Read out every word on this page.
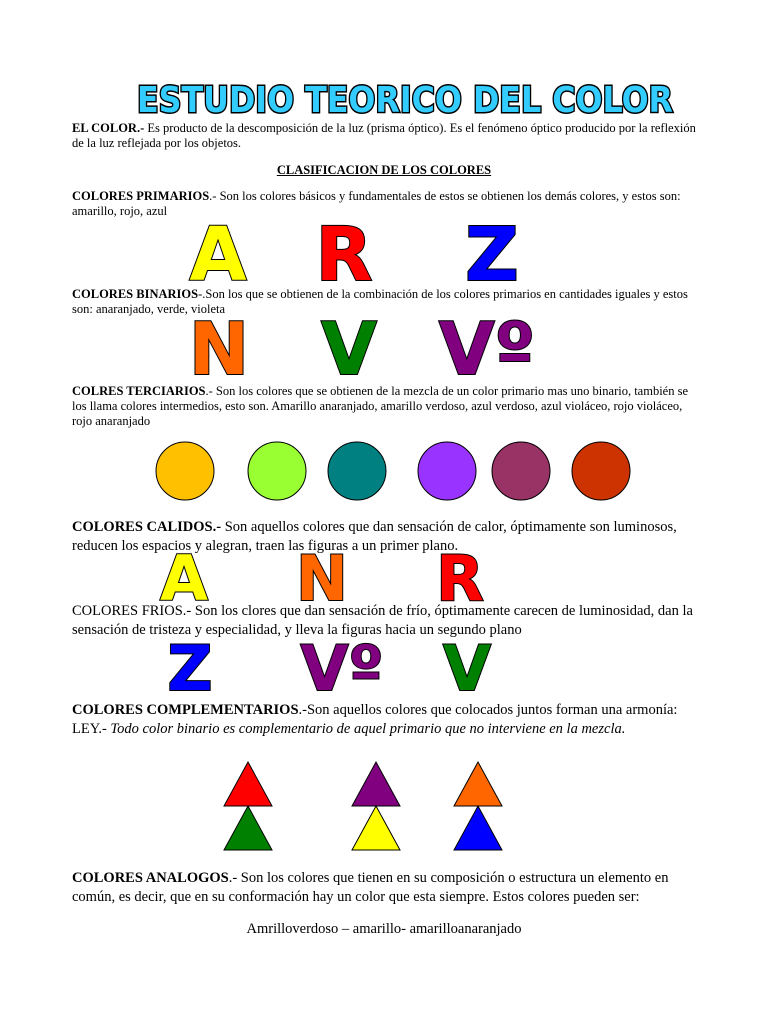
ESTUDIO TEORICO DEL COLOR
EL COLOR.- Es producto de la descomposición de la luz (prisma óptico). Es el fenómeno óptico producido por la reflexión de la luz reflejada por los objetos.
CLASIFICACION DE LOS COLORES
COLORES PRIMARIOS.- Son los colores básicos y fundamentales de estos se obtienen los demás colores, y estos son: amarillo, rojo, azul
A R Z
COLORES BINARIOS-.Son los que se obtienen de la combinación de los colores primarios en cantidades iguales y estos son: anaranjado, verde, violeta
N V Vº
COLRES TERCIARIOS.- Son los colores que se obtienen de la mezcla de un color primario mas uno binario, también se los llama colores intermedios, esto son. Amarillo anaranjado, amarillo verdoso, azul verdoso, azul violáceo, rojo violáceo, rojo anaranjado
COLORES CALIDOS.- Son aquellos colores que dan sensación de calor, óptimamente son luminosos, reducen los espacios y alegran, traen las figuras a un primer plano.
A N R
COLORES FRIOS.- Son los clores que dan sensación de frío, óptimamente carecen de luminosidad, dan la sensación de tristeza y especialidad, y lleva la figuras hacia un segundo plano
Z Vº V
COLORES COMPLEMENTARIOS.-Son aquellos colores que colocados juntos forman una armonía: LEY.- Todo color binario es complementario de aquel primario que no interviene en la mezcla.
COLORES ANALOGOS.- Son los colores que tienen en su composición o estructura un elemento en común, es decir, que en su conformación hay un color que esta siempre. Estos colores pueden ser:
Amrilloverdoso – amarillo- amarilloanaranjado
